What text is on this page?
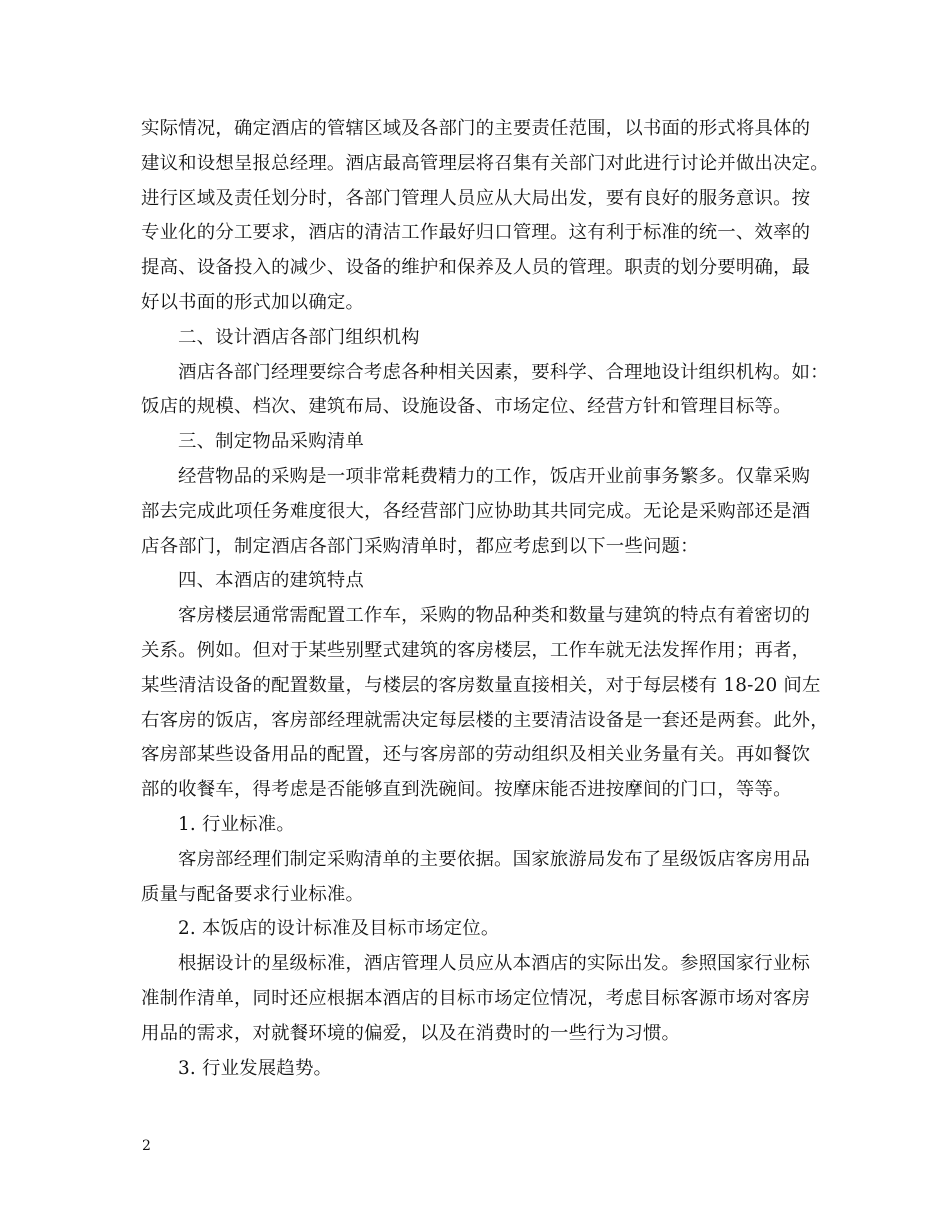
实际情况，确定酒店的管辖区域及各部门的主要责任范围，以书面的形式将具体的
建议和设想呈报总经理。酒店最高管理层将召集有关部门对此进行讨论并做出决定。
进行区域及责任划分时，各部门管理人员应从大局出发，要有良好的服务意识。按
专业化的分工要求，酒店的清洁工作最好归口管理。这有利于标准的统一、效率的
提高、设备投入的减少、设备的维护和保养及人员的管理。职责的划分要明确，最
好以书面的形式加以确定。
二、设计酒店各部门组织机构
酒店各部门经理要综合考虑各种相关因素，要科学、合理地设计组织机构。如：
饭店的规模、档次、建筑布局、设施设备、市场定位、经营方针和管理目标等。
三、制定物品采购清单
经营物品的采购是一项非常耗费精力的工作，饭店开业前事务繁多。仅靠采购
部去完成此项任务难度很大，各经营部门应协助其共同完成。无论是采购部还是酒
店各部门，制定酒店各部门采购清单时，都应考虑到以下一些问题：
四、本酒店的建筑特点
客房楼层通常需配置工作车，采购的物品种类和数量与建筑的特点有着密切的
关系。例如。但对于某些别墅式建筑的客房楼层，工作车就无法发挥作用；再者，
某些清洁设备的配置数量，与楼层的客房数量直接相关，对于每层楼有 18-20 间左
右客房的饭店，客房部经理就需决定每层楼的主要清洁设备是一套还是两套。此外，
客房部某些设备用品的配置，还与客房部的劳动组织及相关业务量有关。再如餐饮
部的收餐车，得考虑是否能够直到洗碗间。按摩床能否进按摩间的门口，等等。
1. 行业标准。
客房部经理们制定采购清单的主要依据。国家旅游局发布了星级饭店客房用品
质量与配备要求行业标准。
2. 本饭店的设计标准及目标市场定位。
根据设计的星级标准，酒店管理人员应从本酒店的实际出发。参照国家行业标
准制作清单，同时还应根据本酒店的目标市场定位情况，考虑目标客源市场对客房
用品的需求，对就餐环境的偏爱，以及在消费时的一些行为习惯。
3. 行业发展趋势。
2
